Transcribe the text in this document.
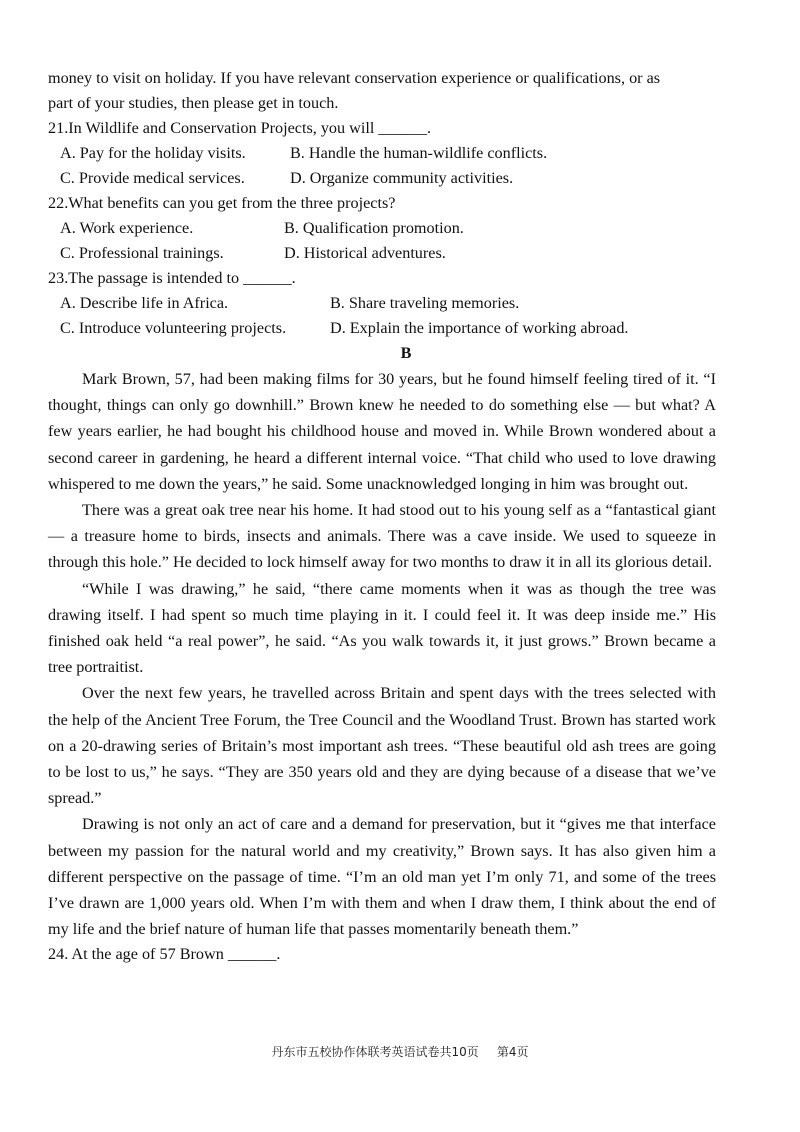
money to visit on holiday. If you have relevant conservation experience or qualifications, or as

part of your studies, then please get in touch.

21.In Wildlife and Conservation Projects, you will ______.

A. Pay for the holiday visits.	B. Handle the human-wildlife conflicts.
C. Provide medical services.	D. Organize community activities.

22.What benefits can you get from the three projects?

A. Work experience.	B. Qualification promotion.
C. Professional trainings.	D. Historical adventures.

23.The passage is intended to ______.

A. Describe life in Africa.	B. Share traveling memories.
C. Introduce volunteering projects.	D. Explain the importance of working abroad.

B

Mark Brown, 57, had been making films for 30 years, but he found himself feeling tired of it. “I thought, things can only go downhill.” Brown knew he needed to do something else — but what? A few years earlier, he had bought his childhood house and moved in. While Brown wondered about a second career in gardening, he heard a different internal voice. “That child who used to love drawing whispered to me down the years,” he said. Some unacknowledged longing in him was brought out.

There was a great oak tree near his home. It had stood out to his young self as a “fantastical giant — a treasure home to birds, insects and animals. There was a cave inside. We used to squeeze in through this hole.” He decided to lock himself away for two months to draw it in all its glorious detail.

“While I was drawing,” he said, “there came moments when it was as though the tree was drawing itself. I had spent so much time playing in it. I could feel it. It was deep inside me.” His finished oak held “a real power”, he said. “As you walk towards it, it just grows.” Brown became a tree portraitist.

Over the next few years, he travelled across Britain and spent days with the trees selected with the help of the Ancient Tree Forum, the Tree Council and the Woodland Trust. Brown has started work on a 20-drawing series of Britain’s most important ash trees. “These beautiful old ash trees are going to be lost to us,” he says. “They are 350 years old and they are dying because of a disease that we’ve spread.”

Drawing is not only an act of care and a demand for preservation, but it “gives me that interface between my passion for the natural world and my creativity,” Brown says. It has also given him a different perspective on the passage of time. “I’m an old man yet I’m only 71, and some of the trees I’ve drawn are 1,000 years old. When I’m with them and when I draw them, I think about the end of my life and the brief nature of human life that passes momentarily beneath them.”

24. At the age of 57 Brown ______.

丹东市五校协作体联考英语试卷共10页 第4页
